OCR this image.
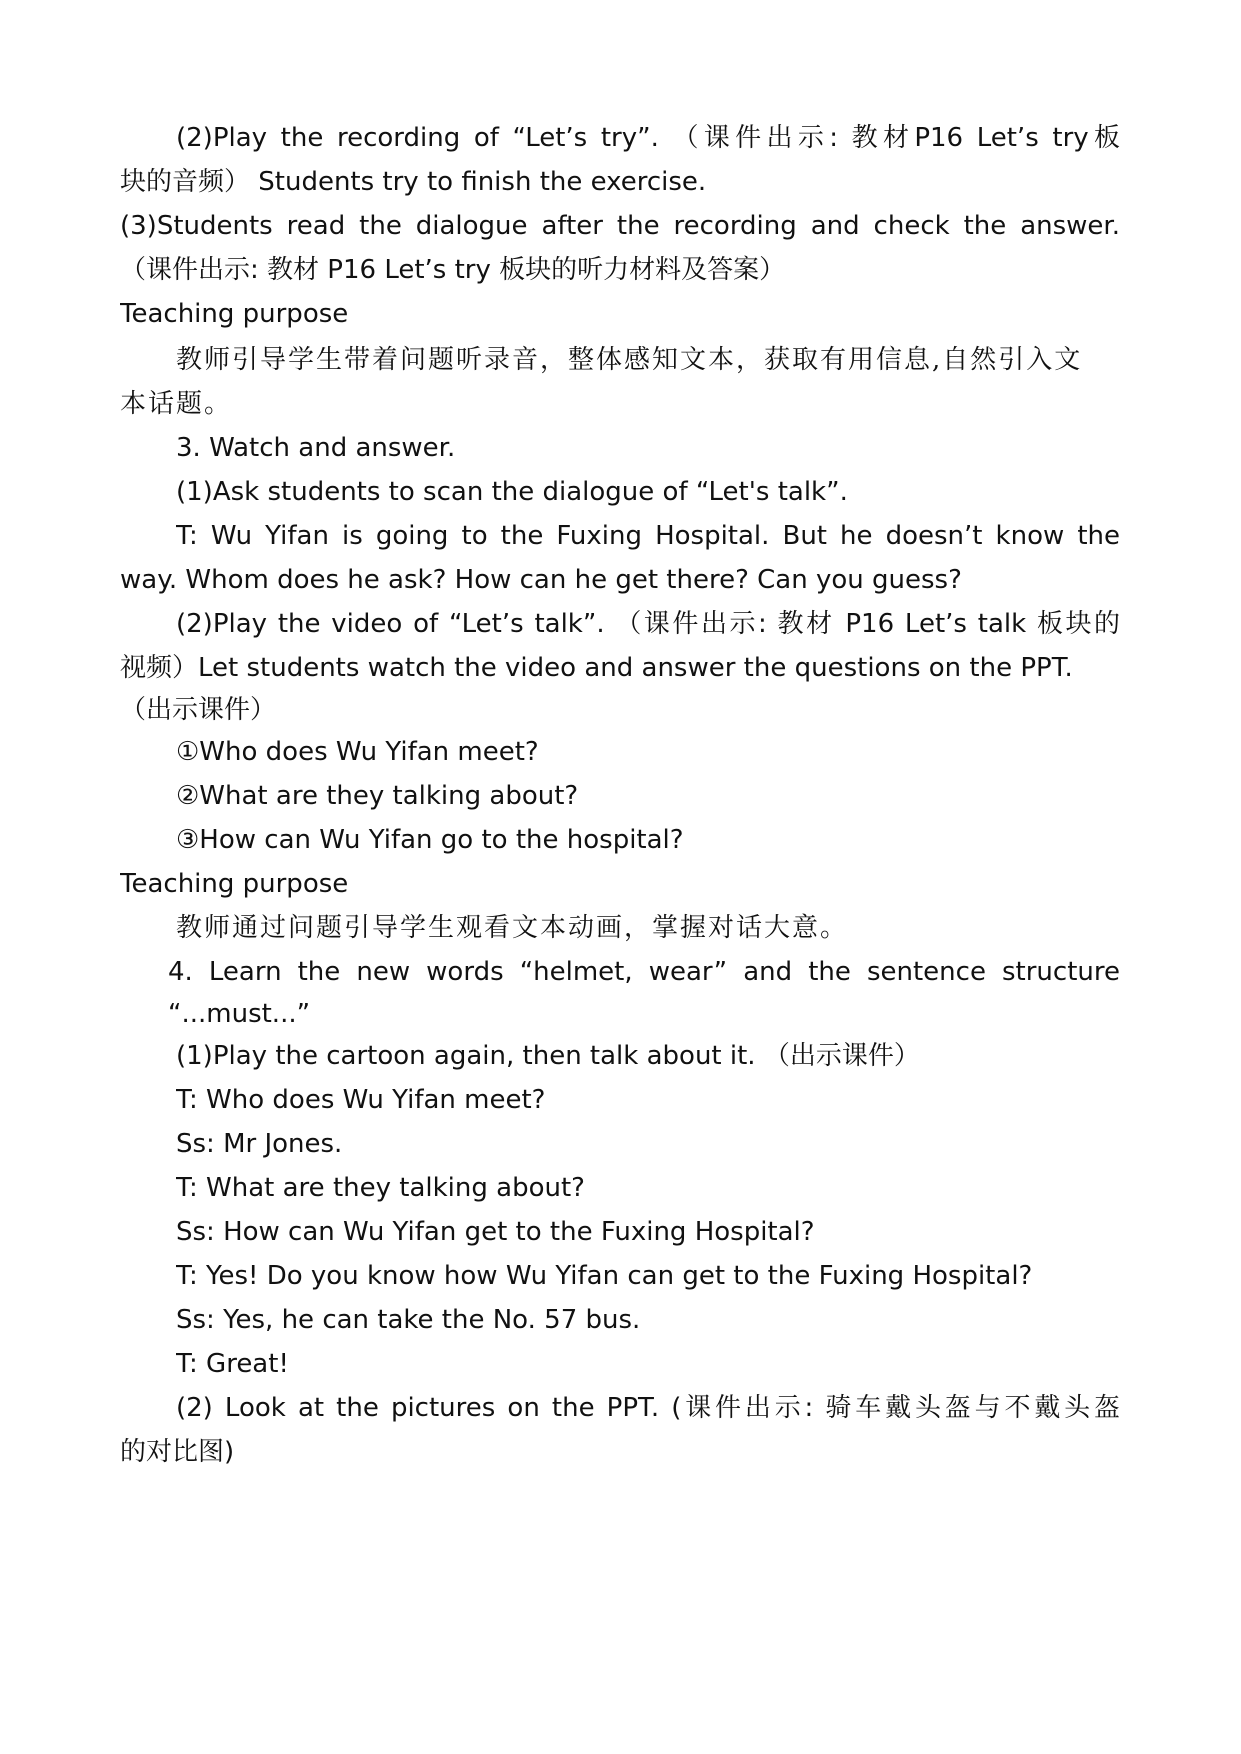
(2)Play the recording of “Let’s try”. （课件出示: 教材P16 Let’s try板
块的音频） Students try to finish the exercise.
(3)Students read the dialogue after the recording and check the answer.
（课件出示: 教材 P16 Let’s try 板块的听力材料及答案）
Teaching purpose
教师引导学生带着问题听录音，整体感知文本，获取有用信息,自然引入文
本话题。
3. Watch and answer.
(1)Ask students to scan the dialogue of “Let's talk”.
T: Wu Yifan is going to the Fuxing Hospital. But he doesn’t know the
way. Whom does he ask? How can he get there? Can you guess?
(2)Play the video of “Let’s talk”. （课件出示: 教材 P16 Let’s talk 板块的
视频）Let students watch the video and answer the questions on the PPT.
（出示课件）
①Who does Wu Yifan meet?
②What are they talking about?
③How can Wu Yifan go to the hospital?
Teaching purpose
教师通过问题引导学生观看文本动画，掌握对话大意。
4. Learn the new words “helmet, wear” and the sentence structure
“...must...”
(1)Play the cartoon again, then talk about it. （出示课件）
T: Who does Wu Yifan meet?
Ss: Mr Jones.
T: What are they talking about?
Ss: How can Wu Yifan get to the Fuxing Hospital?
T: Yes! Do you know how Wu Yifan can get to the Fuxing Hospital?
Ss: Yes, he can take the No. 57 bus.
T: Great!
(2) Look at the pictures on the PPT. (课件出示: 骑车戴头盔与不戴头盔
的对比图)
